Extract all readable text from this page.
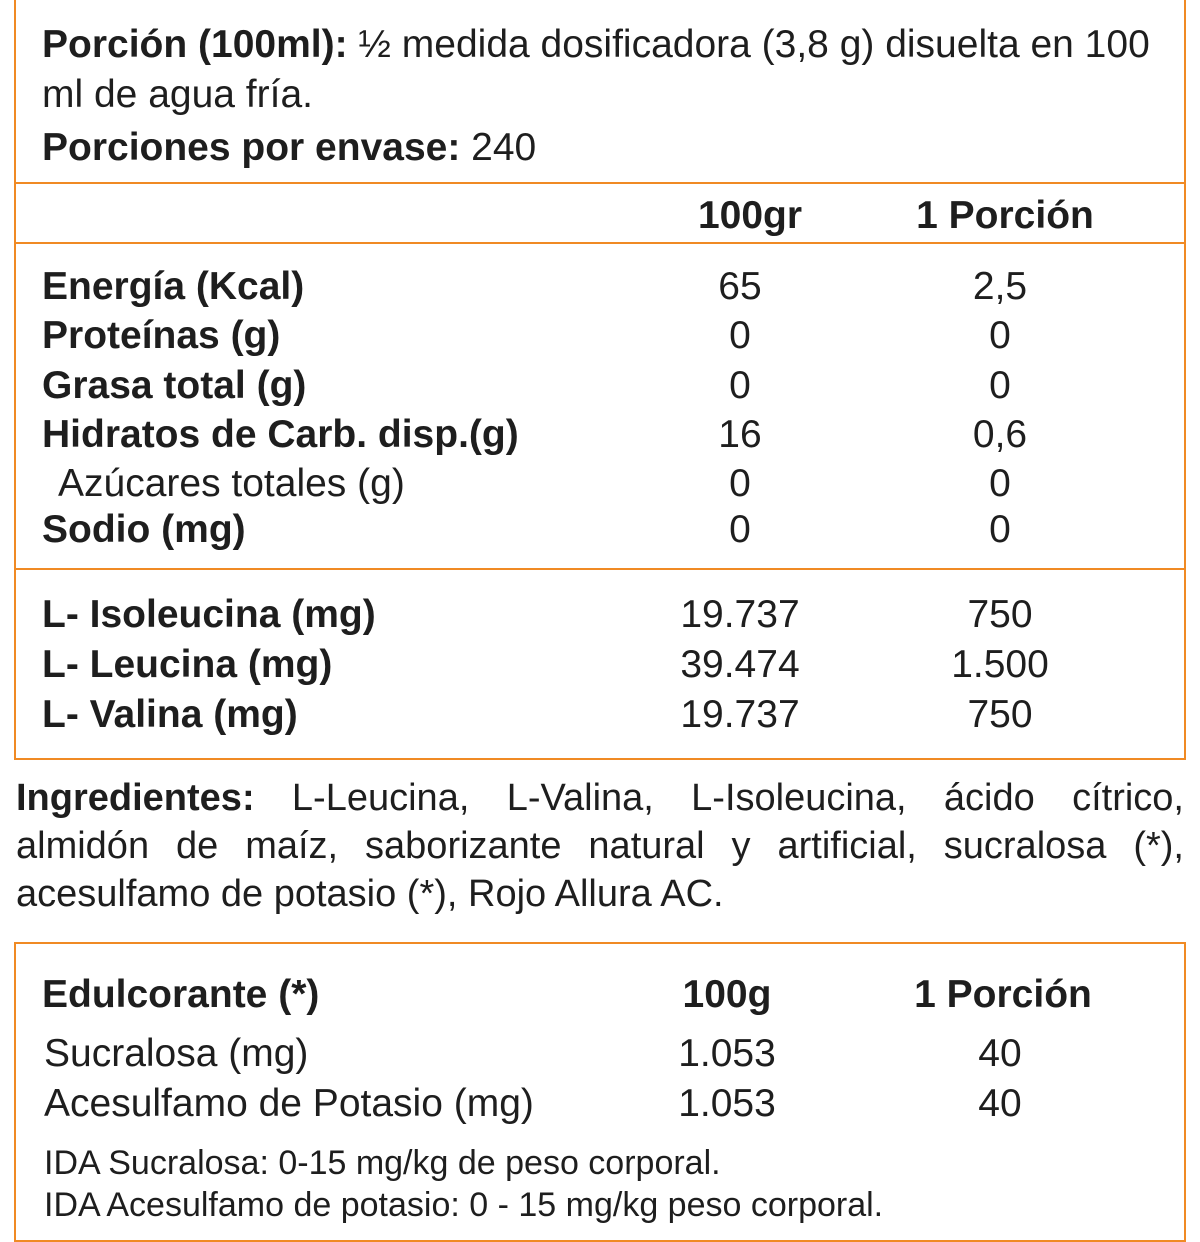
Porción (100ml): ½ medida dosificadora (3,8 g) disuelta en 100
ml de agua fría.
Porciones por envase: 240
100gr	1 Porción
Energía (Kcal)	65	2,5
Proteínas (g)	0	0
Grasa total (g)	0	0
Hidratos de Carb. disp.(g)	16	0,6
Azúcares totales (g)	0	0
Sodio (mg)	0	0
L- Isoleucina (mg)	19.737	750
L- Leucina (mg)	39.474	1.500
L- Valina (mg)	19.737	750
Ingredientes: L-Leucina, L-Valina, L-Isoleucina, ácido cítrico, almidón de maíz, saborizante natural y artificial, sucralosa (*), acesulfamo de potasio (*), Rojo Allura AC.
Edulcorante (*)	100g	1 Porción
Sucralosa (mg)	1.053	40
Acesulfamo de Potasio (mg)	1.053	40
IDA Sucralosa: 0-15 mg/kg de peso corporal.
IDA Acesulfamo de potasio: 0 - 15 mg/kg peso corporal.
